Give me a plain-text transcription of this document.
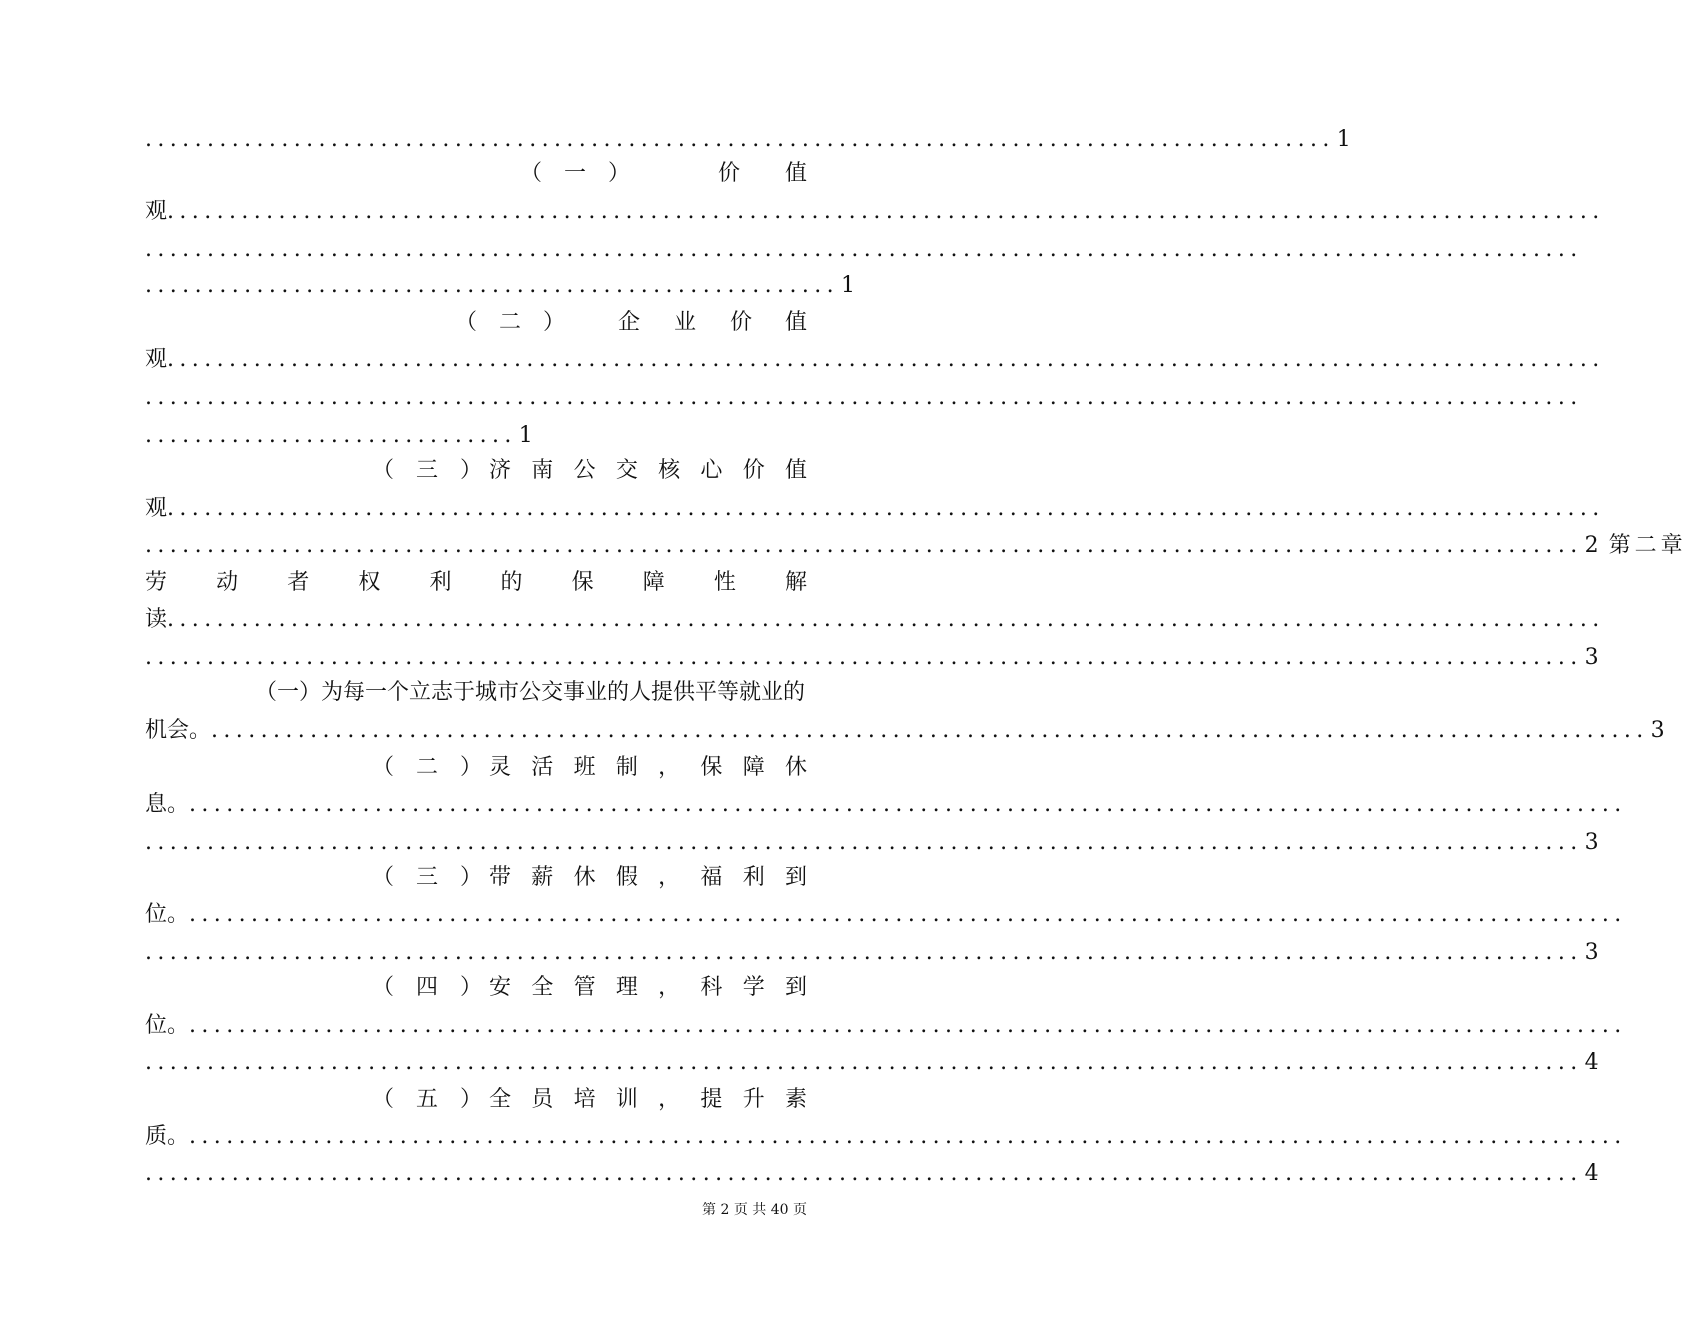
................................................................................................ 1
（　一　）	价 值
观 ....................................................................................................................
....................................................................................................................
........................................................ 1
（　二　） 企 业 价 值
观 ....................................................................................................................
....................................................................................................................
.............................. 1
（　三　） 济 南 公 交 核 心 价 值
观 ....................................................................................................................
.................................................................................................................... 2 第二章
劳 动 者 权 利 的 保 障 性 解
读 ....................................................................................................................
.................................................................................................................... 3
（一）为每一个立志于城市公交事业的人提供平等就业的
机会。 .................................................................................................................... 3
（　二　） 灵 活 班 制 ， 保 障 休
息。 ....................................................................................................................
.................................................................................................................... 3
（　三　） 带 薪 休 假 ， 福 利 到
位。 ....................................................................................................................
.................................................................................................................... 3
（　四　） 安 全 管 理 ， 科 学 到
位。 ....................................................................................................................
.................................................................................................................... 4
（　五　） 全 员 培 训 ， 提 升 素
质。 ....................................................................................................................
.................................................................................................................... 4
第 2 页 共 40 页
